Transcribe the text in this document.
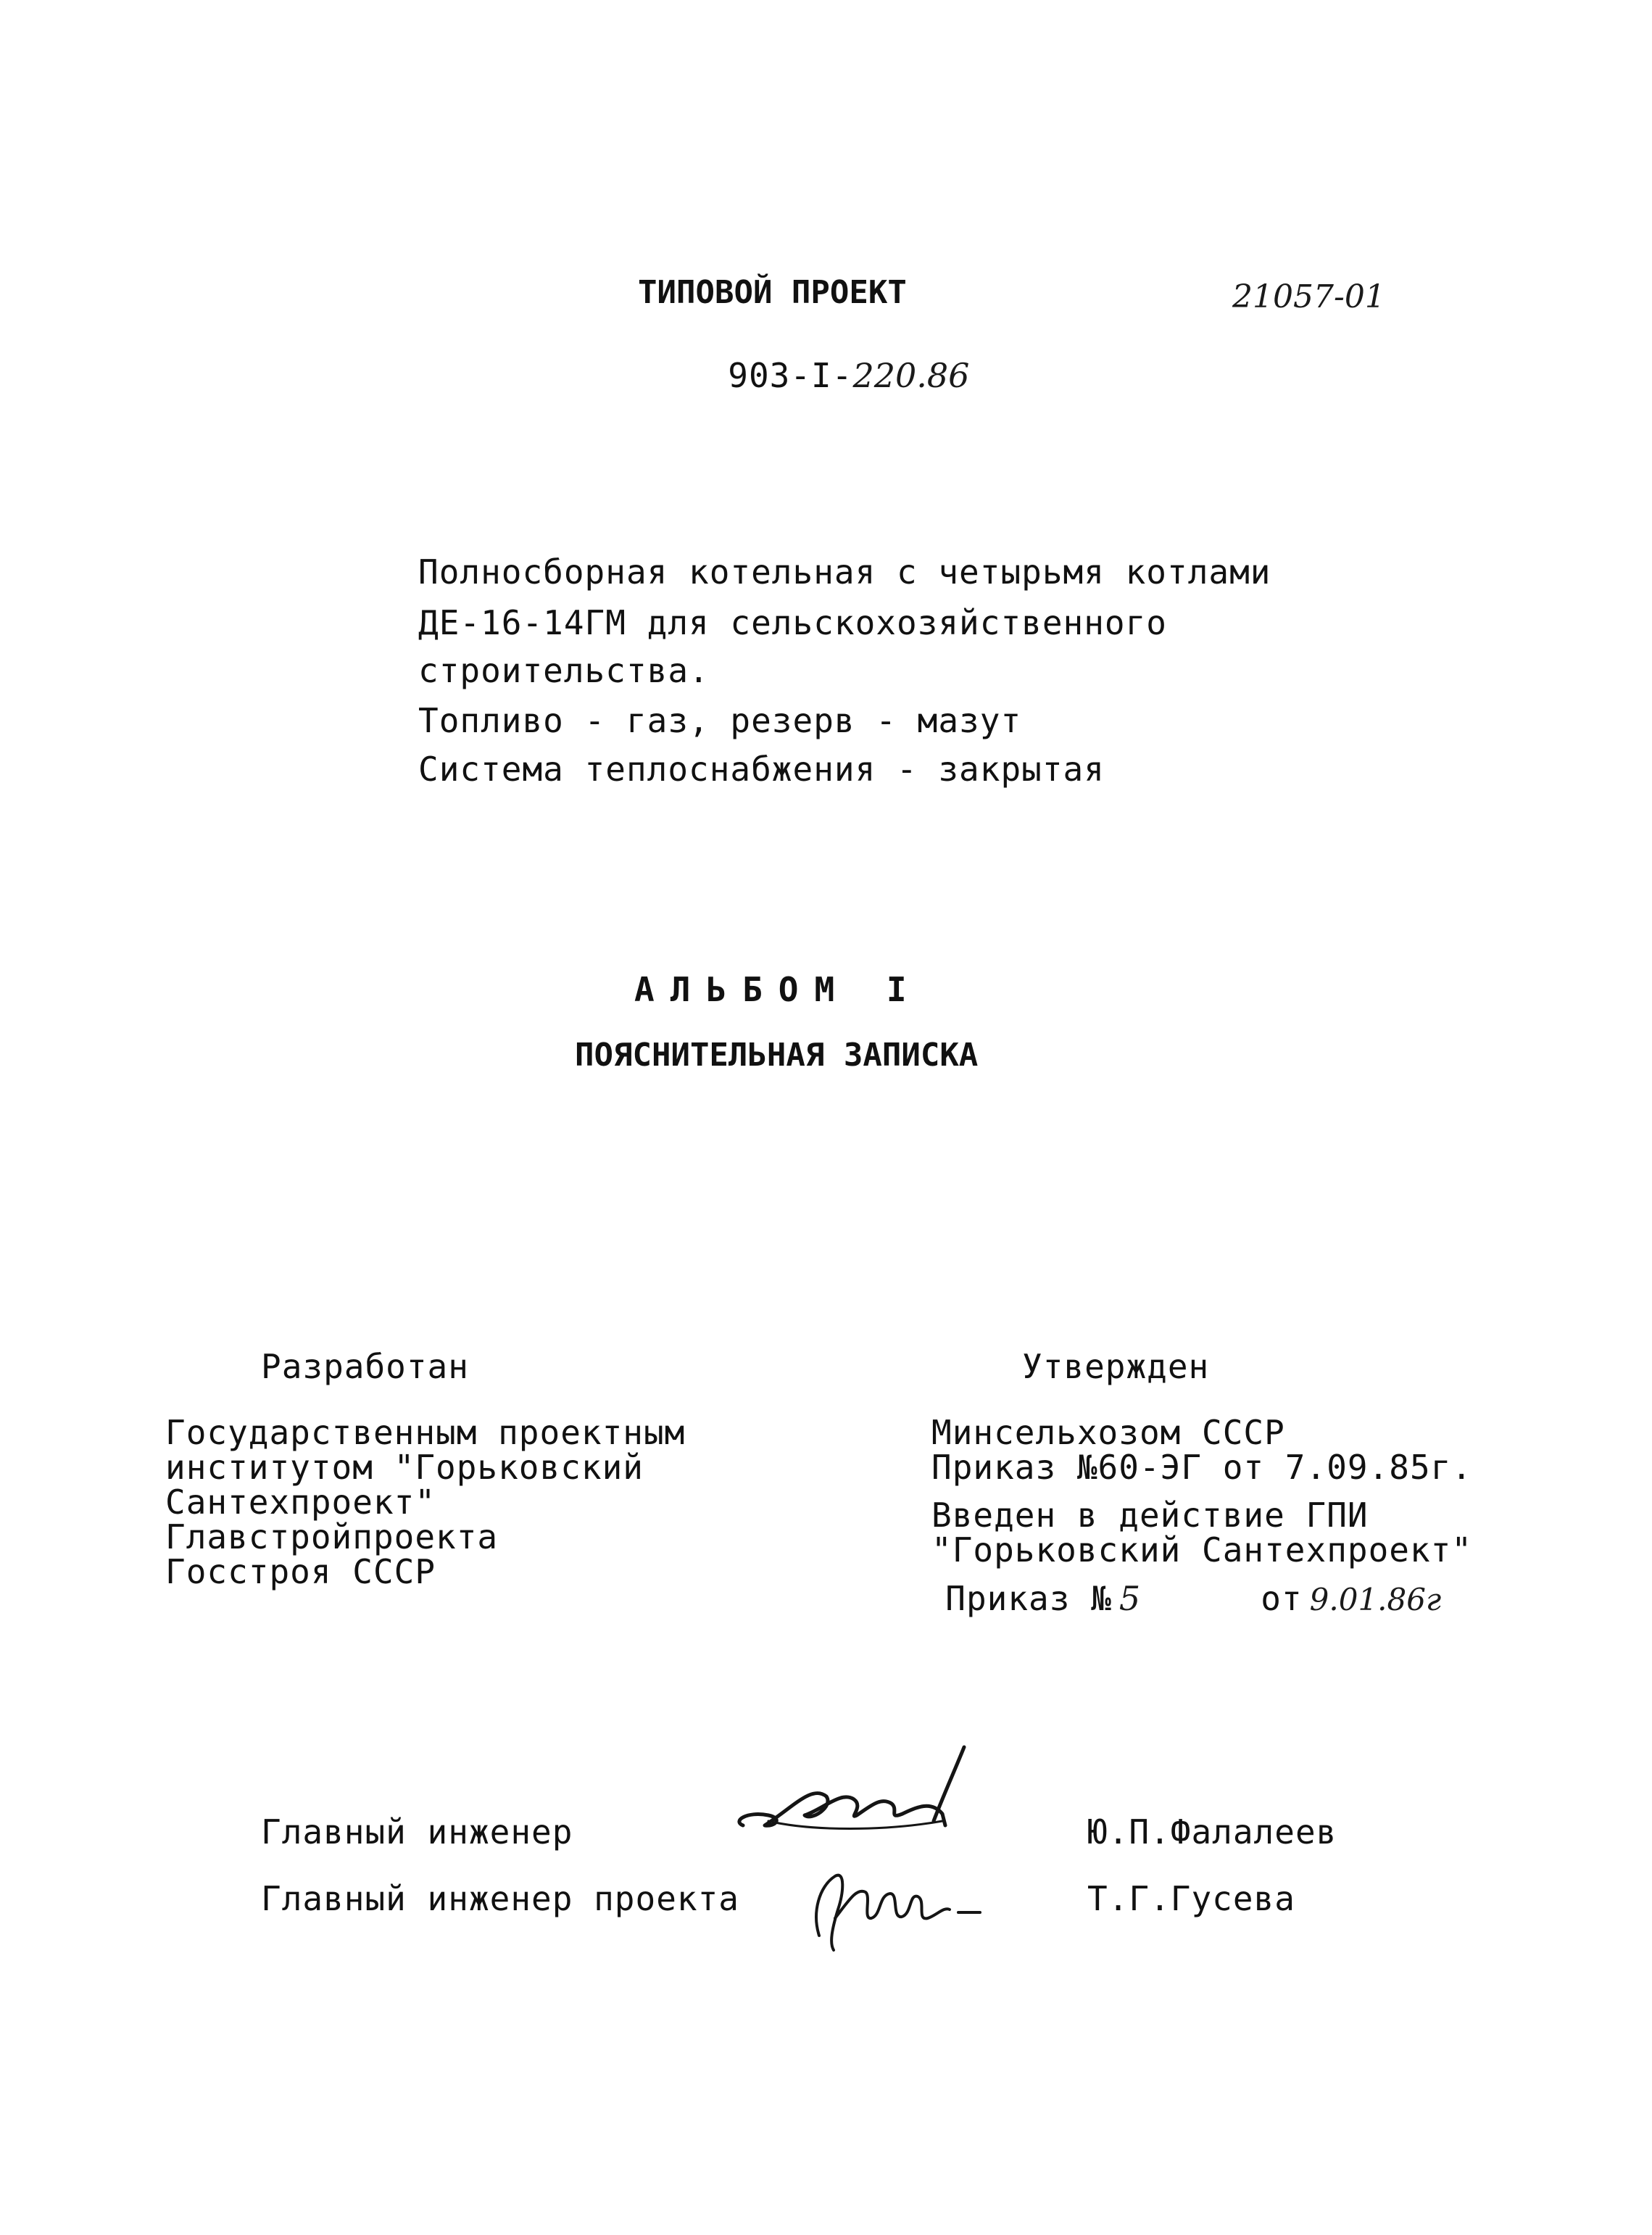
ТИПОВОЙ ПРОЕКТ	21057-01

903-I-220.86

Полносборная котельная с четырьмя котлами
ДЕ-16-14ГМ для сельскохозяйственного
строительства.
Топливо - газ, резерв - мазут
Система теплоснабжения - закрытая
АЛЬБОМ I
ПОЯСНИТЕЛЬНАЯ ЗАПИСКА
Разработан
Государственным проектным
институтом "Горьковский
Сантехпроект"
Главстройпроекта
Госстроя СССР
Утвержден
Минсельхозом СССР
Приказ №60-ЭГ от 7.09.85г.
Введен в действие ГПИ
"Горьковский Сантехпроект"

Приказ № 5	от 9.01.86г

Главный инженер	Ю.П.Фалалеев
Главный инженер проекта	Т.Г.Гусева
